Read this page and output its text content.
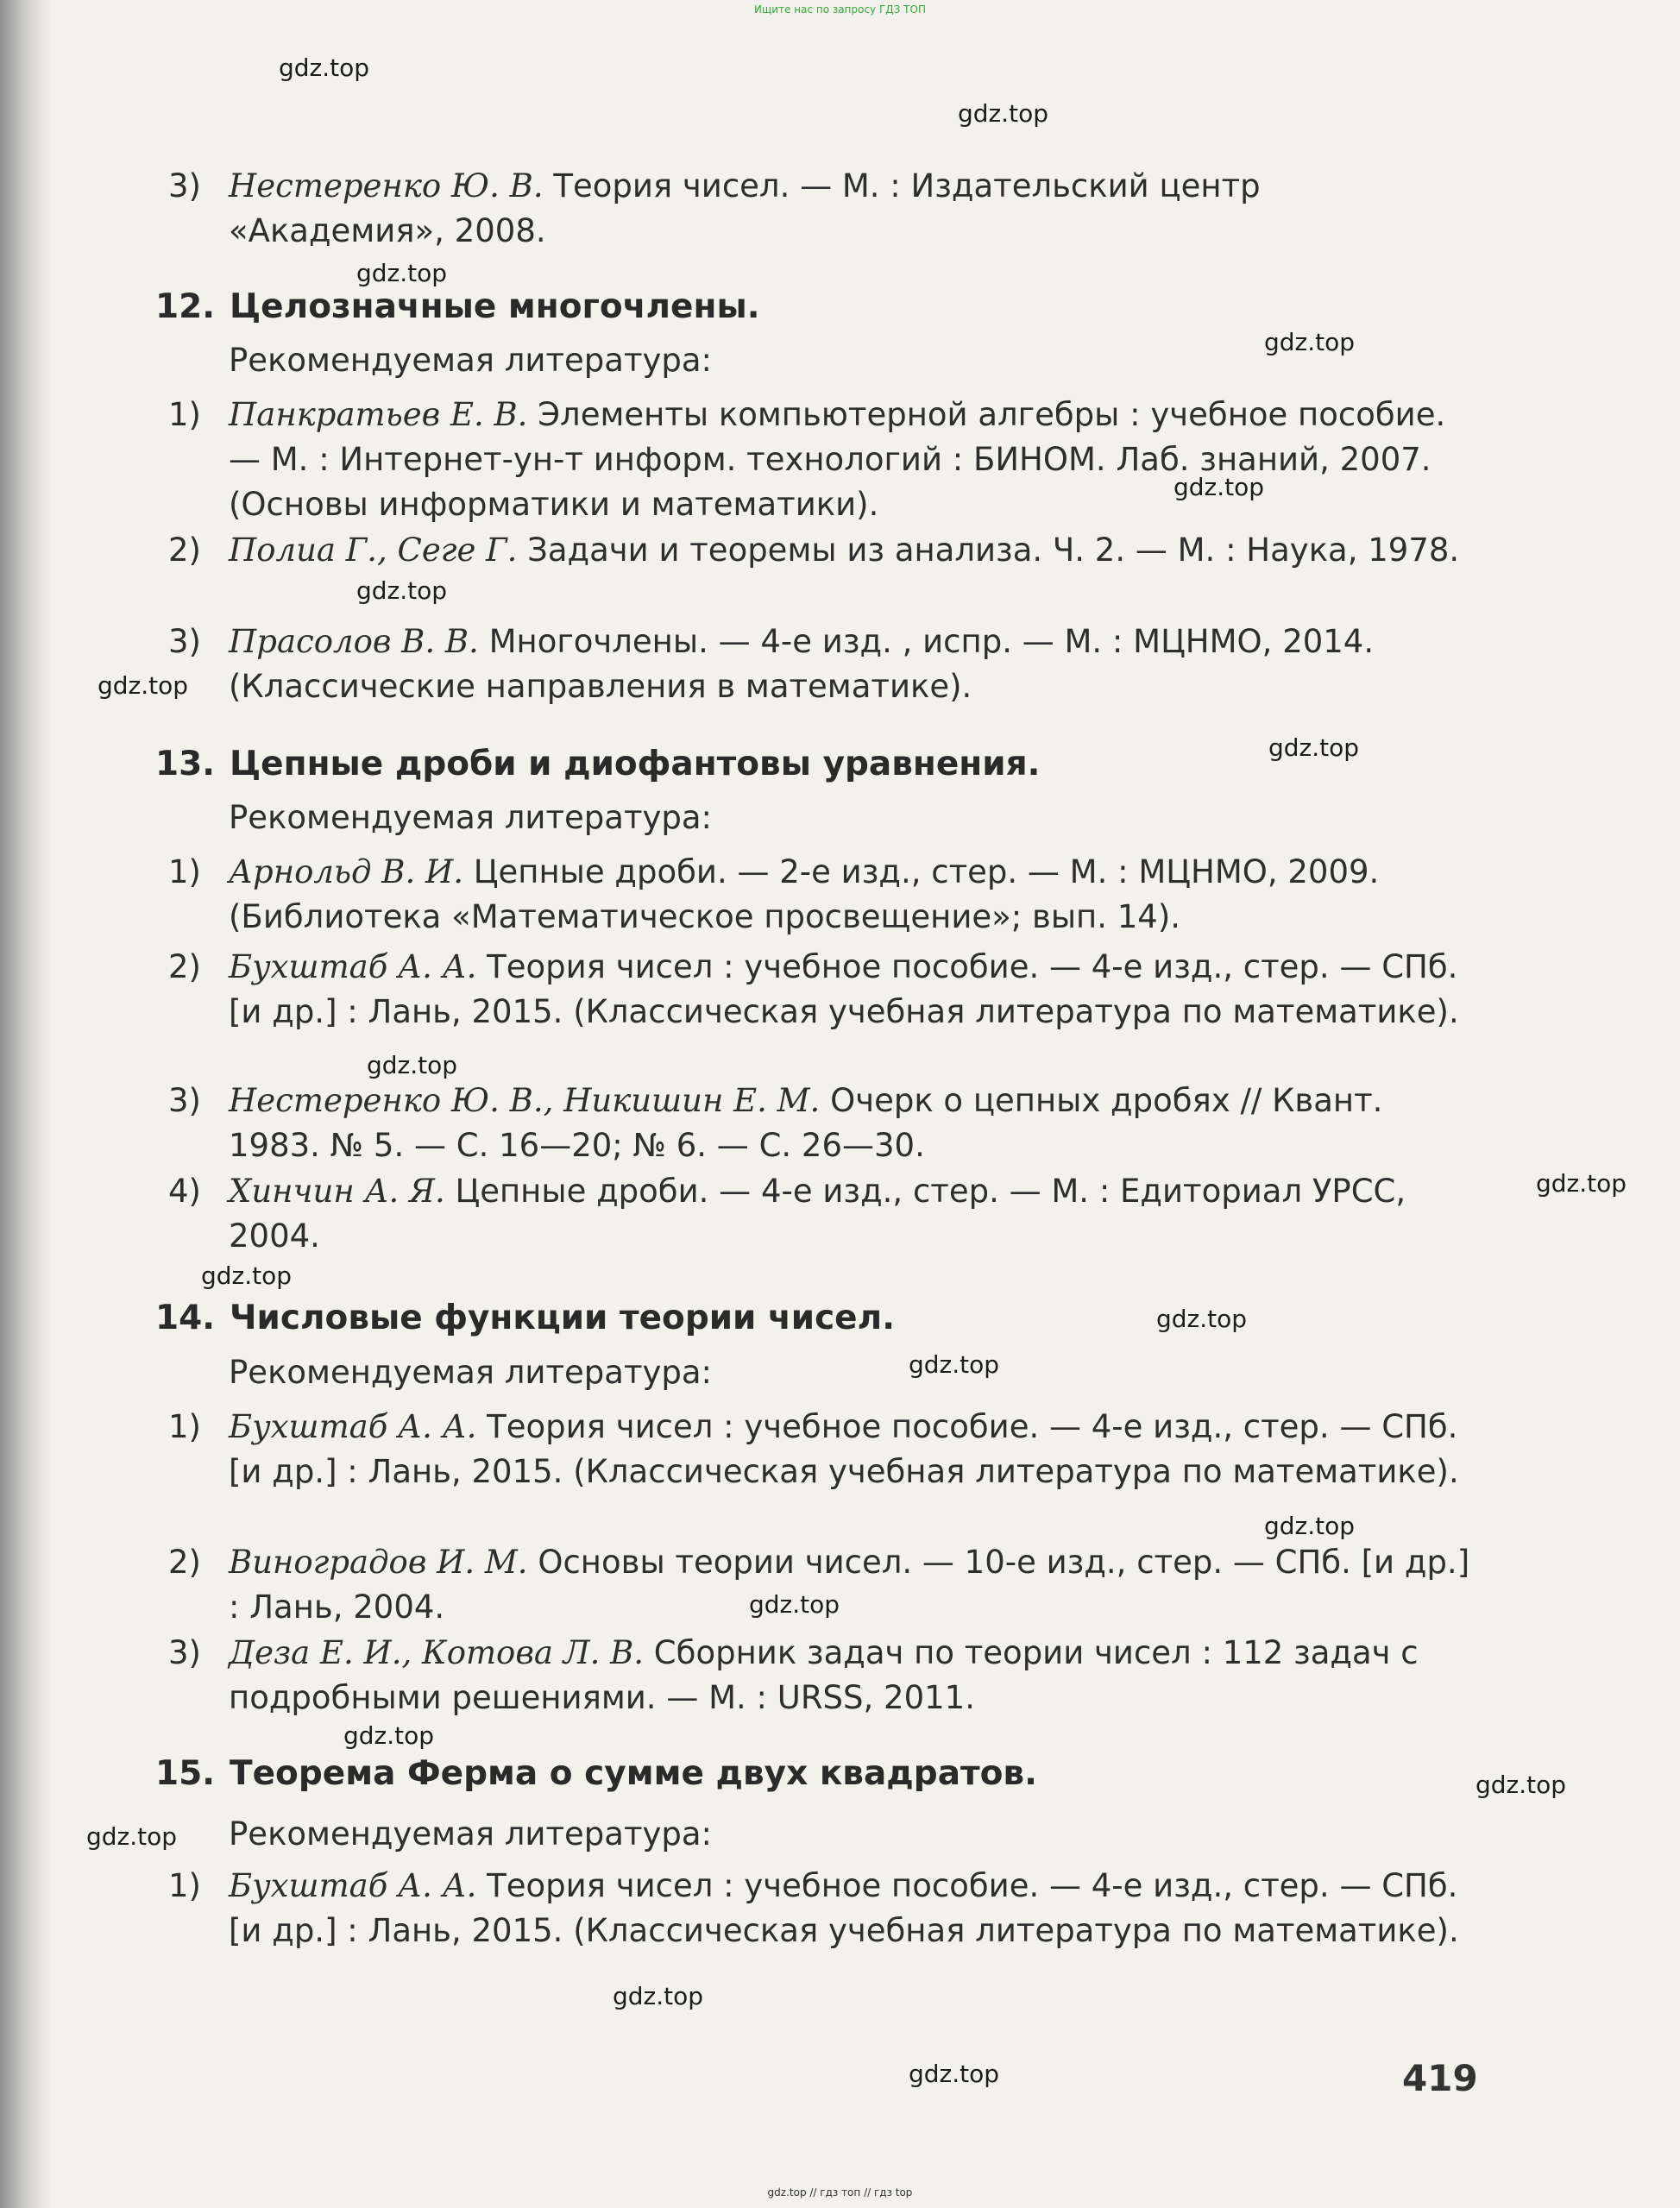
Ищите нас по запросу ГДЗ ТОП
gdz.top
gdz.top
3) Нестеренко Ю. В. Теория чисел. — М. : Издательский центр «Академия», 2008.
gdz.top
12. Целозначные многочлены.
Рекомендуемая литература:	gdz.top
1) Панкратьев Е. В. Элементы компьютерной алгебры : учебное пособие. — М. : Интернет-ун-т информ. технологий : БИНОМ. Лаб. знаний, 2007. (Основы информатики и математики).	gdz.top
2) Полиа Г., Сеге Г. Задачи и теоремы из анализа. Ч. 2. — М. : Наука, 1978.
gdz.top
3) Прасолов В. В. Многочлены. — 4-е изд. , испр. — М. : МЦНМО, 2014. (Классические направления в математике).
gdz.top
gdz.top
13. Цепные дроби и диофантовы уравнения.
Рекомендуемая литература:
1) Арнольд В. И. Цепные дроби. — 2-е изд., стер. — М. : МЦНМО, 2009. (Библиотека «Математическое просвещение»; вып. 14).
2) Бухштаб А. А. Теория чисел : учебное пособие. — 4-е изд., стер. — СПб. [и др.] : Лань, 2015. (Классическая учебная литература по математике).
gdz.top
3) Нестеренко Ю. В., Никишин Е. М. Очерк о цепных дробях // Квант. 1983. № 5. — С. 16—20; № 6. — С. 26—30.
4) Хинчин А. Я. Цепные дроби. — 4-е изд., стер. — М. : Едиториал УРСС, 2004.
gdz.top
gdz.top
14. Числовые функции теории чисел.	gdz.top
gdz.top
Рекомендуемая литература:
1) Бухштаб А. А. Теория чисел : учебное пособие. — 4-е изд., стер. — СПб. [и др.] : Лань, 2015. (Классическая учебная литература по математике).
gdz.top
2) Виноградов И. М. Основы теории чисел. — 10-е изд., стер. — СПб. [и др.] : Лань, 2004.	gdz.top
3) Деза Е. И., Котова Л. В. Сборник задач по теории чисел : 112 задач с подробными решениями. — М. : URSS, 2011.
gdz.top
15. Теорема Ферма о сумме двух квадратов.	gdz.top
gdz.top Рекомендуемая литература:
1) Бухштаб А. А. Теория чисел : учебное пособие. — 4-е изд., стер. — СПб. [и др.] : Лань, 2015. (Классическая учебная литература по математике).
gdz.top
gdz.top	419
gdz.top // гдз топ // гдз top
